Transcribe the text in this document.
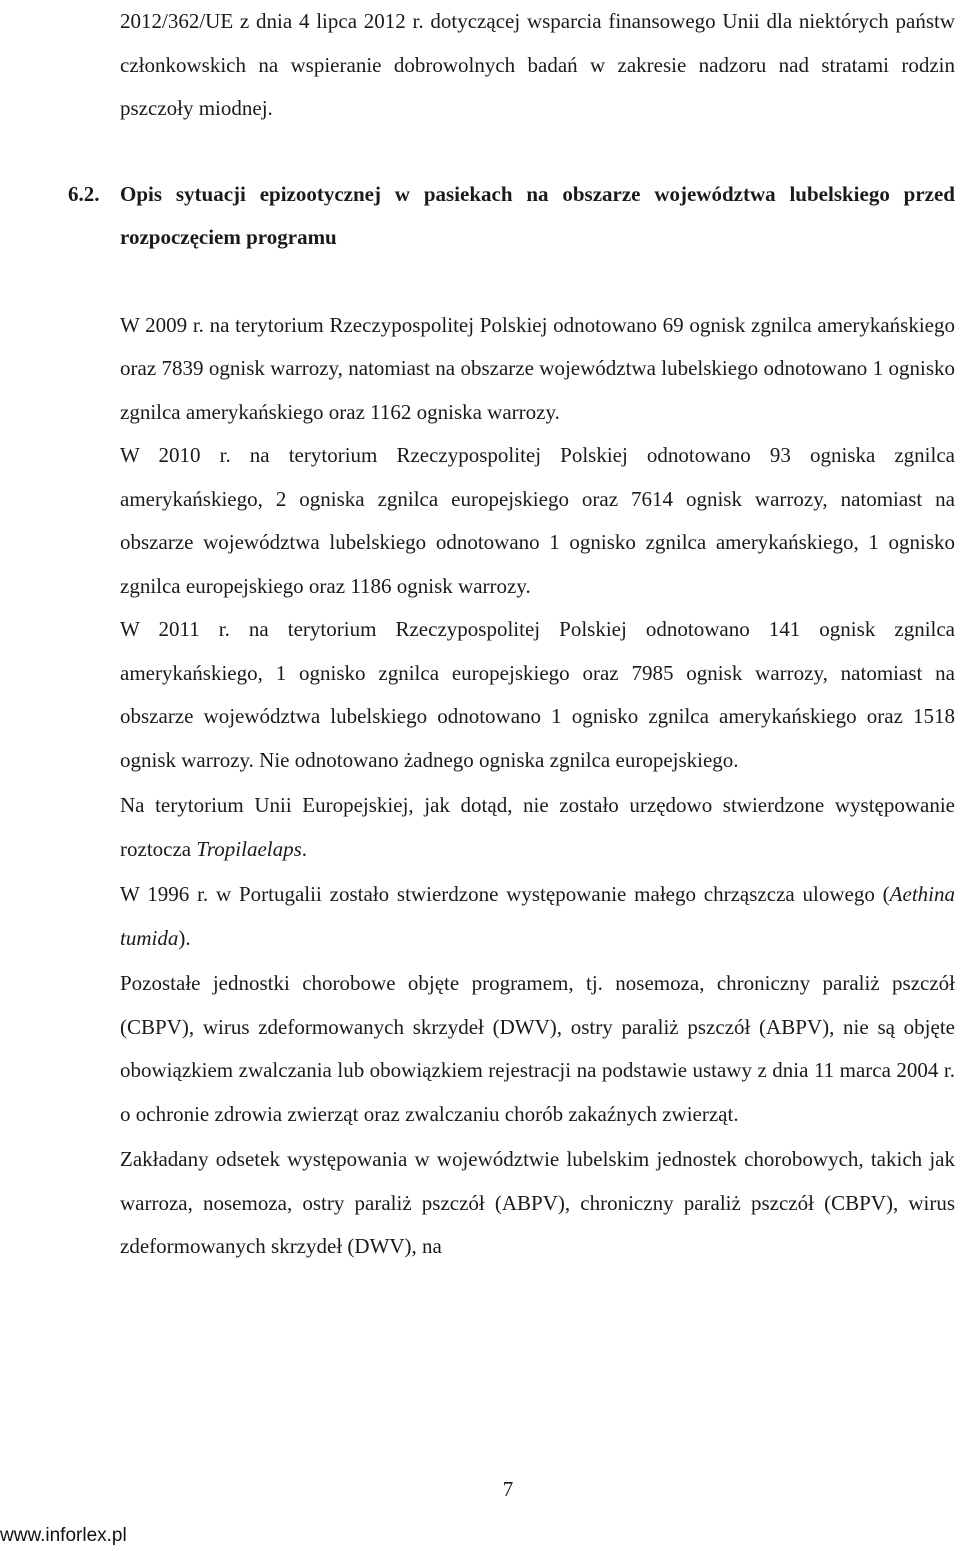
2012/362/UE z dnia 4 lipca 2012 r. dotyczącej wsparcia finansowego Unii dla niektórych państw członkowskich na wspieranie dobrowolnych badań w zakresie nadzoru nad stratami rodzin pszczoły miodnej.

6.2. Opis sytuacji epizootycznej w pasiekach na obszarze województwa lubelskiego przed rozpoczęciem programu

W 2009 r. na terytorium Rzeczypospolitej Polskiej odnotowano 69 ognisk zgnilca amerykańskiego oraz 7839 ognisk warrozy, natomiast na obszarze województwa lubelskiego odnotowano 1 ognisko zgnilca amerykańskiego oraz 1162 ogniska warrozy.

W 2010 r. na terytorium Rzeczypospolitej Polskiej odnotowano 93 ogniska zgnilca amerykańskiego, 2 ogniska zgnilca europejskiego oraz 7614 ognisk warrozy, natomiast na obszarze województwa lubelskiego odnotowano 1 ognisko zgnilca amerykańskiego, 1 ognisko zgnilca europejskiego oraz 1186 ognisk warrozy.

W 2011 r. na terytorium Rzeczypospolitej Polskiej odnotowano 141 ognisk zgnilca amerykańskiego, 1 ognisko zgnilca europejskiego oraz 7985 ognisk warrozy, natomiast na obszarze województwa lubelskiego odnotowano 1 ognisko zgnilca amerykańskiego oraz 1518 ognisk warrozy. Nie odnotowano żadnego ogniska zgnilca europejskiego.

Na terytorium Unii Europejskiej, jak dotąd, nie zostało urzędowo stwierdzone występowanie roztocza Tropilaelaps.

W 1996 r. w Portugalii zostało stwierdzone występowanie małego chrząszcza ulowego (Aethina tumida).

Pozostałe jednostki chorobowe objęte programem, tj. nosemoza, chroniczny paraliż pszczół (CBPV), wirus zdeformowanych skrzydeł (DWV), ostry paraliż pszczół (ABPV), nie są objęte obowiązkiem zwalczania lub obowiązkiem rejestracji na podstawie ustawy z dnia 11 marca 2004 r. o ochronie zdrowia zwierząt oraz zwalczaniu chorób zakaźnych zwierząt.

Zakładany odsetek występowania w województwie lubelskim jednostek chorobowych, takich jak warroza, nosemoza, ostry paraliż pszczół (ABPV), chroniczny paraliż pszczół (CBPV), wirus zdeformowanych skrzydeł (DWV), na

7
www.inforlex.pl
